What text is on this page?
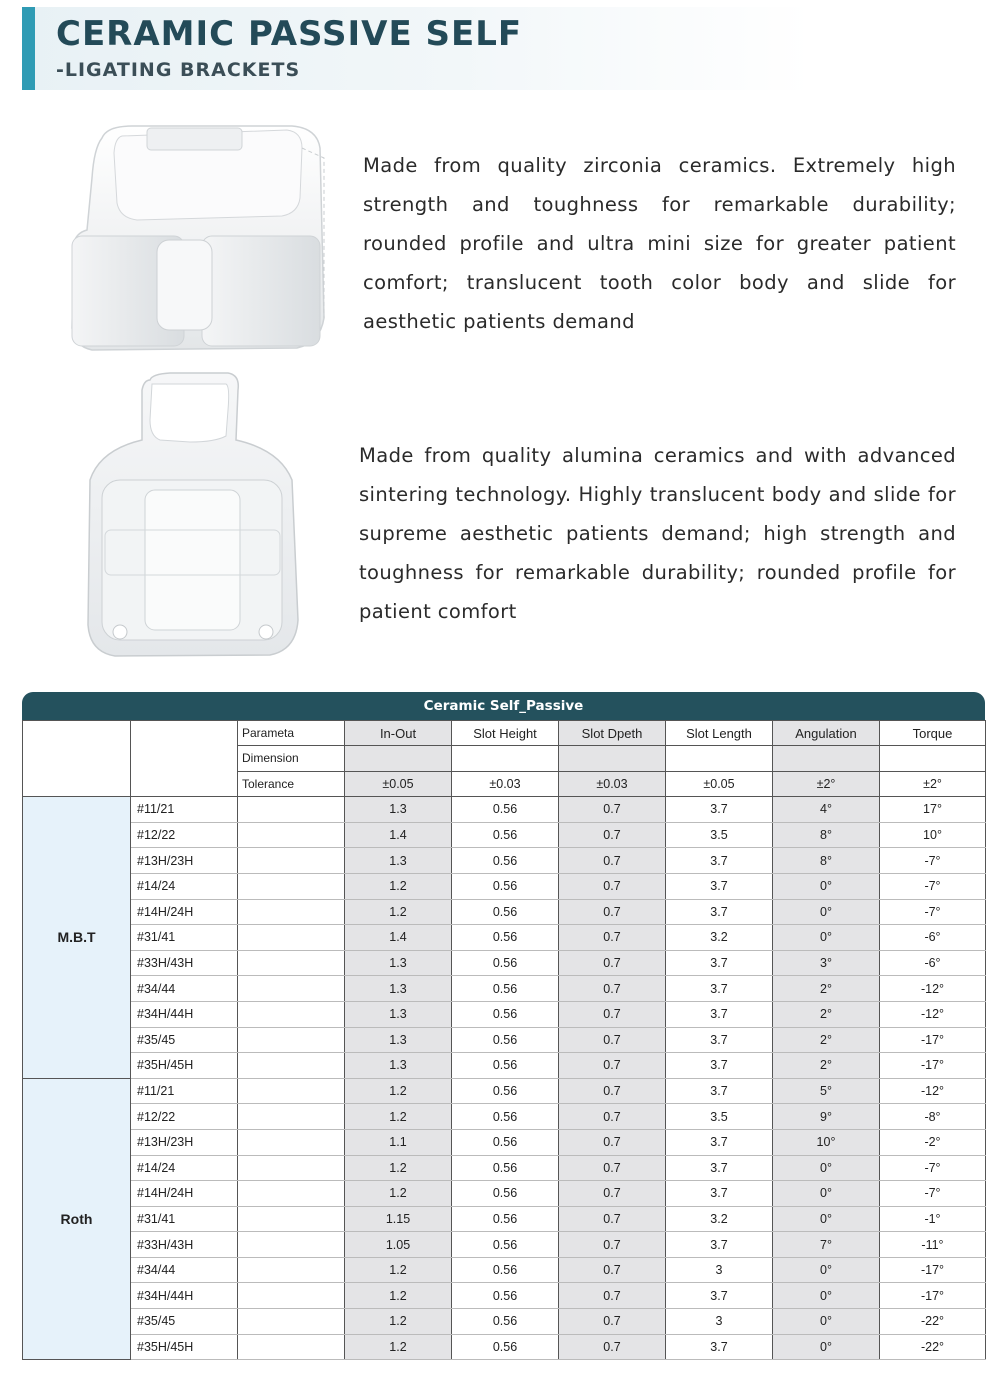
CERAMIC PASSIVE SELF
-LIGATING BRACKETS
Made from quality zirconia ceramics. Extremely high strength and toughness for remarkable durability; rounded profile and ultra mini size for greater patient comfort; translucent tooth color body and slide for aesthetic patients demand
Made from quality alumina ceramics and with advanced sintering technology. Highly translucent body and slide for supreme aesthetic patients demand; high strength and toughness for remarkable durability; rounded profile for patient comfort
Ceramic Self_Passive
		Parameta	In-Out	Slot Height	Slot Dpeth	Slot Length	Angulation	Torque
		Dimension						
		Tolerance	±0.05	±0.03	±0.03	±0.05	±2°	±2°
M.B.T	#11/21		1.3	0.56	0.7	3.7	4°	17°
	#12/22		1.4	0.56	0.7	3.5	8°	10°
	#13H/23H		1.3	0.56	0.7	3.7	8°	-7°
	#14/24		1.2	0.56	0.7	3.7	0°	-7°
	#14H/24H		1.2	0.56	0.7	3.7	0°	-7°
	#31/41		1.4	0.56	0.7	3.2	0°	-6°
	#33H/43H		1.3	0.56	0.7	3.7	3°	-6°
	#34/44		1.3	0.56	0.7	3.7	2°	-12°
	#34H/44H		1.3	0.56	0.7	3.7	2°	-12°
	#35/45		1.3	0.56	0.7	3.7	2°	-17°
	#35H/45H		1.3	0.56	0.7	3.7	2°	-17°
Roth	#11/21		1.2	0.56	0.7	3.7	5°	-12°
	#12/22		1.2	0.56	0.7	3.5	9°	-8°
	#13H/23H		1.1	0.56	0.7	3.7	10°	-2°
	#14/24		1.2	0.56	0.7	3.7	0°	-7°
	#14H/24H		1.2	0.56	0.7	3.7	0°	-7°
	#31/41		1.15	0.56	0.7	3.2	0°	-1°
	#33H/43H		1.05	0.56	0.7	3.7	7°	-11°
	#34/44		1.2	0.56	0.7	3	0°	-17°
	#34H/44H		1.2	0.56	0.7	3.7	0°	-17°
	#35/45		1.2	0.56	0.7	3	0°	-22°
	#35H/45H		1.2	0.56	0.7	3.7	0°	-22°
